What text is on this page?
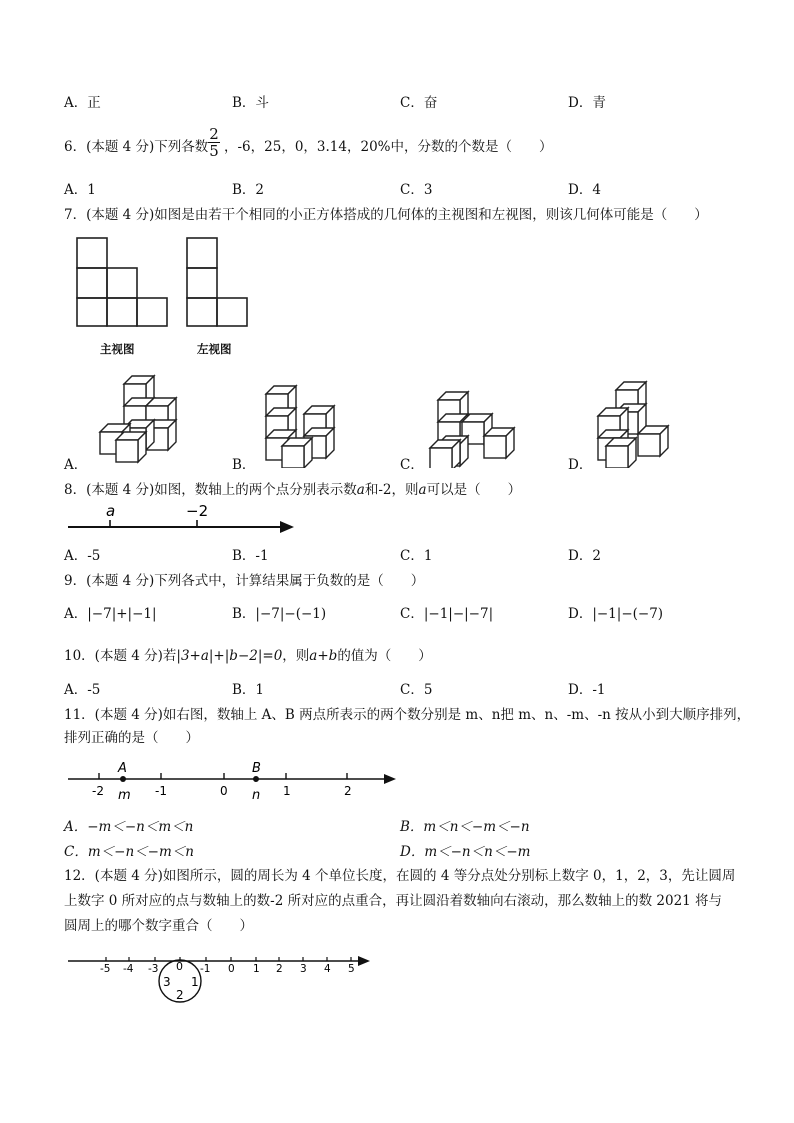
A．正	B．斗	C．奋	D．青
6．(本题 4 分)下列各数
2
5 ，-6，25，0，3.14，20%中，分数的个数是（　　）
A．1	B．2	C．3	D．4
7．(本题 4 分)如图是由若干个相同的小正方体搭成的几何体的主视图和左视图，则该几何体可能是（　　）
主视图	左视图
A．	B．	C．	D．
8．(本题 4 分)如图，数轴上的两个点分别表示数a和-2，则a可以是（　　）
a	−2
A．-5	B．-1	C．1	D．2
9．(本题 4 分)下列各式中，计算结果属于负数的是（　　）
A．|−7|+|−1|	B．|−7|−(−1)	C．|−1|−|−7|	D．|−1|−(−7)
10．(本题 4 分)若|3+a|+|b−2|=0，则a+b的值为（　　）
A．-5	B．1	C．5	D．-1
11．(本题 4 分)如右图，数轴上 A、B 两点所表示的两个数分别是 m、n把 m、n、-m、-n 按从小到大顺序排列，
排列正确的是（　　）
A	B
-2	-1	0	1	2
m	n
A．−m＜−n＜m＜n	B．m＜n＜−m＜−n
C．m＜−n＜−m＜n	D．m＜−n＜n＜−m
12．(本题 4 分)如图所示，圆的周长为 4 个单位长度，在圆的 4 等分点处分别标上数字 0，1，2，3，先让圆周
上数字 0 所对应的点与数轴上的数-2 所对应的点重合，再让圆沿着数轴向右滚动，那么数轴上的数 2021 将与
圆周上的哪个数字重合（　　）
-5 -4 -3 0 -1 0 1 2 3 4 5
3 1
2
